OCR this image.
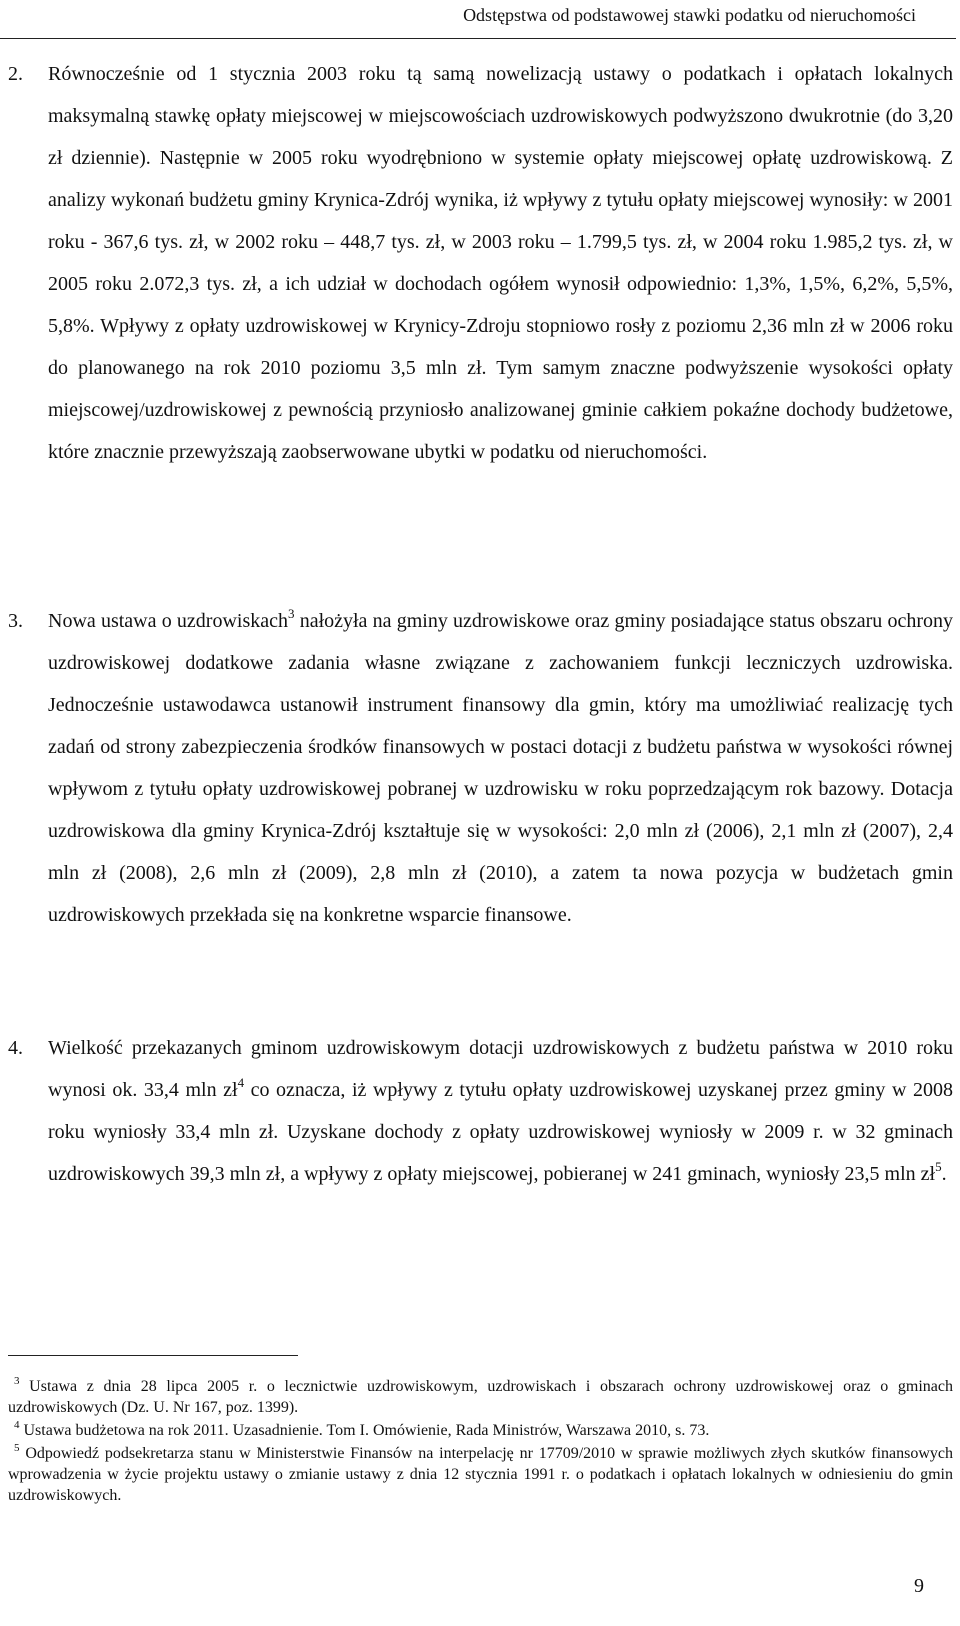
Odstępstwa od podstawowej stawki podatku od nieruchomości
2. Równocześnie od 1 stycznia 2003 roku tą samą nowelizacją ustawy o podatkach i opłatach lokalnych maksymalną stawkę opłaty miejscowej w miejscowościach uzdrowiskowych podwyższono dwukrotnie (do 3,20 zł dziennie). Następnie w 2005 roku wyodrębniono w systemie opłaty miejscowej opłatę uzdrowiskową. Z analizy wykonań budżetu gminy Krynica-Zdrój wynika, iż wpływy z tytułu opłaty miejscowej wynosiły: w 2001 roku - 367,6 tys. zł, w 2002 roku – 448,7 tys. zł, w 2003 roku – 1.799,5 tys. zł, w 2004 roku 1.985,2 tys. zł, w 2005 roku 2.072,3 tys. zł, a ich udział w dochodach ogółem wynosił odpowiednio: 1,3%, 1,5%, 6,2%, 5,5%, 5,8%. Wpływy z opłaty uzdrowiskowej w Krynicy-Zdroju stopniowo rosły z poziomu 2,36 mln zł w 2006 roku do planowanego na rok 2010 poziomu 3,5 mln zł. Tym samym znaczne podwyższenie wysokości opłaty miejscowej/uzdrowiskowej z pewnością przyniosło analizowanej gminie całkiem pokaźne dochody budżetowe, które znacznie przewyższają zaobserwowane ubytki w podatku od nieruchomości.
3. Nowa ustawa o uzdrowiskach$^3$ nałożyła na gminy uzdrowiskowe oraz gminy posiadające status obszaru ochrony uzdrowiskowej dodatkowe zadania własne związane z zachowaniem funkcji leczniczych uzdrowiska. Jednocześnie ustawodawca ustanowił instrument finansowy dla gmin, który ma umożliwiać realizację tych zadań od strony zabezpieczenia środków finansowych w postaci dotacji z budżetu państwa w wysokości równej wpływom z tytułu opłaty uzdrowiskowej pobranej w uzdrowisku w roku poprzedzającym rok bazowy. Dotacja uzdrowiskowa dla gminy Krynica-Zdrój kształtuje się w wysokości: 2,0 mln zł (2006), 2,1 mln zł (2007), 2,4 mln zł (2008), 2,6 mln zł (2009), 2,8 mln zł (2010), a zatem ta nowa pozycja w budżetach gmin uzdrowiskowych przekłada się na konkretne wsparcie finansowe.
4. Wielkość przekazanych gminom uzdrowiskowym dotacji uzdrowiskowych z budżetu państwa w 2010 roku wynosi ok. 33,4 mln zł$^4$ co oznacza, iż wpływy z tytułu opłaty uzdrowiskowej uzyskanej przez gminy w 2008 roku wyniosły 33,4 mln zł. Uzyskane dochody z opłaty uzdrowiskowej wyniosły w 2009 r. w 32 gminach uzdrowiskowych 39,3 mln zł, a wpływy z opłaty miejscowej, pobieranej w 241 gminach, wyniosły 23,5 mln zł$^5$.
$^3$ Ustawa z dnia 28 lipca 2005 r. o lecznictwie uzdrowiskowym, uzdrowiskach i obszarach ochrony uzdrowiskowej oraz o gminach uzdrowiskowych (Dz. U. Nr 167, poz. 1399).
$^4$ Ustawa budżetowa na rok 2011. Uzasadnienie. Tom I. Omówienie, Rada Ministrów, Warszawa 2010, s. 73.
$^5$ Odpowiedź podsekretarza stanu w Ministerstwie Finansów na interpelację nr 17709/2010 w sprawie możliwych złych skutków finansowych wprowadzenia w życie projektu ustawy o zmianie ustawy z dnia 12 stycznia 1991 r. o podatkach i opłatach lokalnych w odniesieniu do gmin uzdrowiskowych.
9
